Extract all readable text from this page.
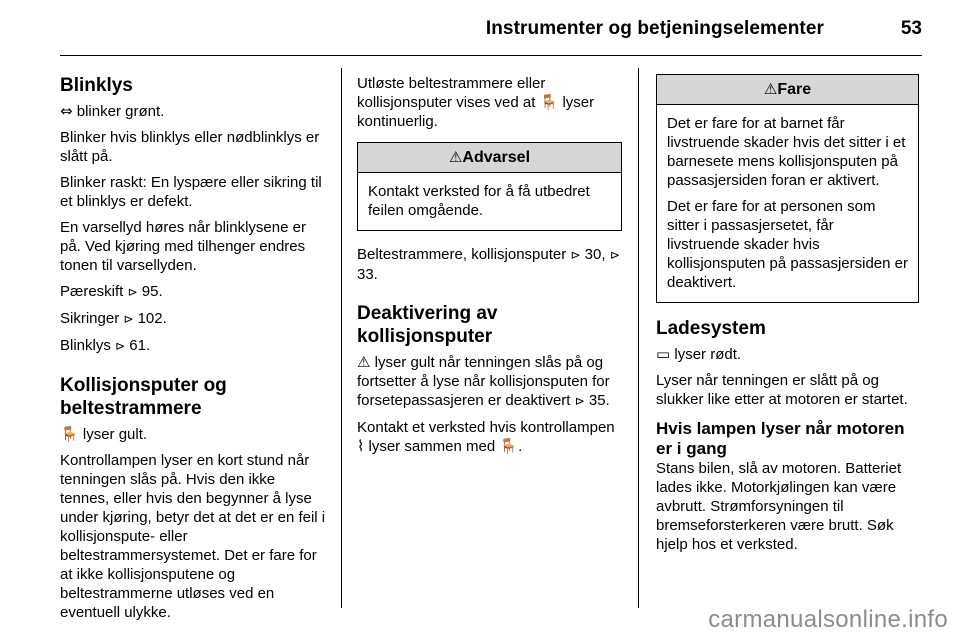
Instrumenter og betjeningselementer	53
Blinklys

⇔ blinker grønt.

Blinker hvis blinklys eller nødblinklys er slått på.

Blinker raskt: En lyspære eller sikring til et blinklys er defekt.

En varsellyd høres når blinklysene er på. Ved kjøring med tilhenger endres tonen til varsellyden.

Pæreskift ⊳ 95.

Sikringer ⊳ 102.

Blinklys ⊳ 61.

Kollisjonsputer og beltestrammere

🪑 lyser gult.

Kontrollampen lyser en kort stund når tenningen slås på. Hvis den ikke tennes, eller hvis den begynner å lyse under kjøring, betyr det at det er en feil i kollisjonspute- eller beltestrammersystemet. Det er fare for at ikke kollisjonsputene og beltestrammerne utløses ved en eventuell ulykke.

Utløste beltestrammere eller kollisjonsputer vises ved at 🪑 lyser kontinuerlig.

⚠Advarsel

Kontakt verksted for å få utbedret feilen omgående.

Beltestrammere, kollisjonsputer ⊳ 30, ⊳ 33.

Deaktivering av kollisjonsputer

⚠ lyser gult når tenningen slås på og fortsetter å lyse når kollisjonsputen for forsetepassasjeren er deaktivert ⊳ 35.

Kontakt et verksted hvis kontrollampen ⌇ lyser sammen med 🪑.

⚠Fare

Det er fare for at barnet får livstruende skader hvis det sitter i et barnesete mens kollisjonsputen på passasjersiden foran er aktivert.

Det er fare for at personen som sitter i passasjersetet, får livstruende skader hvis kollisjonsputen på passasjersiden er deaktivert.

Ladesystem

▭ lyser rødt.

Lyser når tenningen er slått på og slukker like etter at motoren er startet.

Hvis lampen lyser når motoren er i gang

Stans bilen, slå av motoren. Batteriet lades ikke. Motorkjølingen kan være avbrutt. Strømforsyningen til bremseforsterkeren være brutt. Søk hjelp hos et verksted.

carmanualsonline.info
